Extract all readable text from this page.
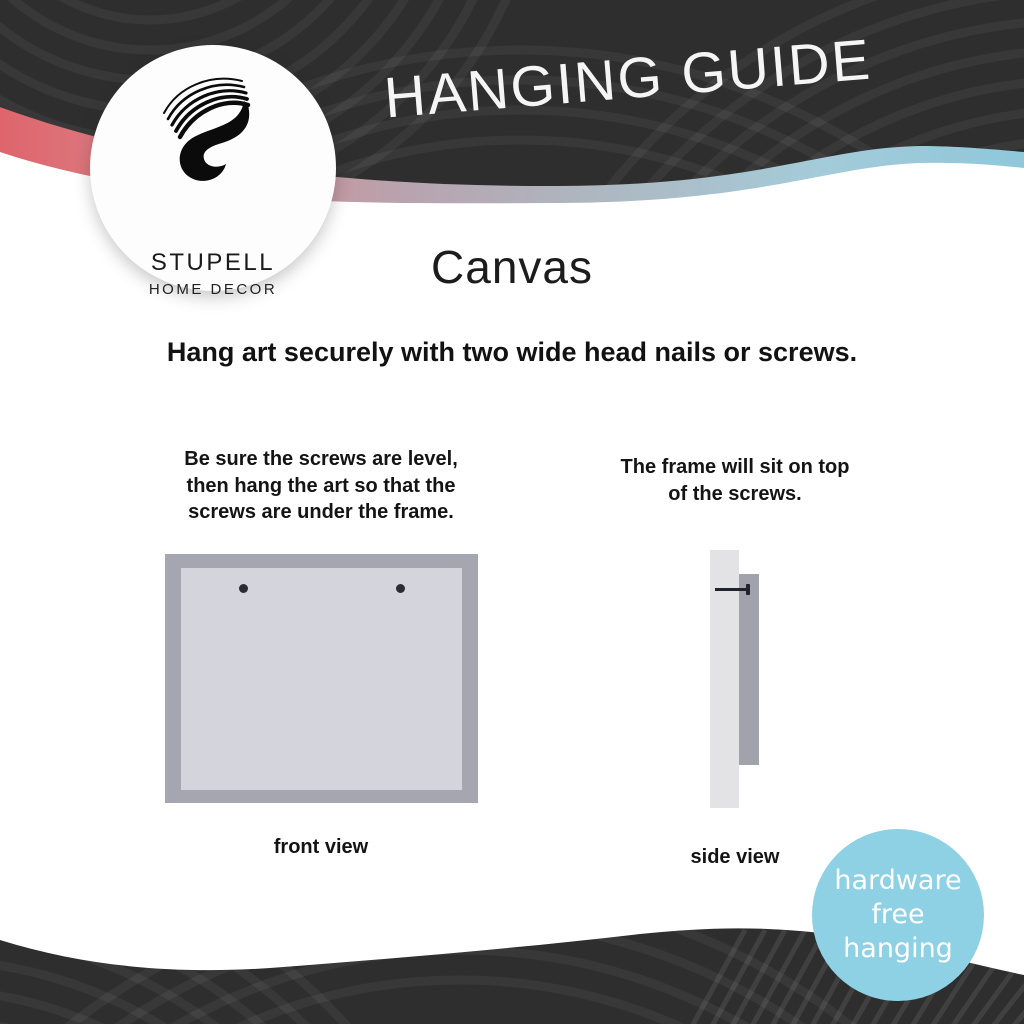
HANGING GUIDE
STUPELL
HOME DECOR	Canvas
Hang art securely with two wide head nails or screws.
Be sure the screws are level,
then hang the art so that the
screws are under the frame.
front view
The frame will sit on top
of the screws.
side view
hardware
free
hanging
